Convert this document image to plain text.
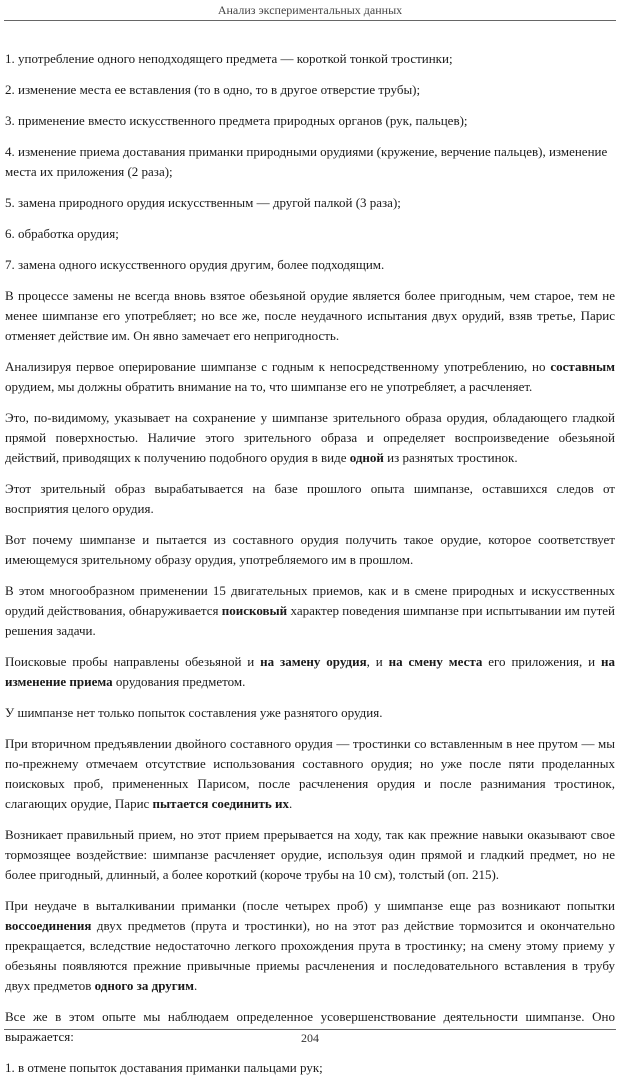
Анализ экспериментальных данных

1. употребление одного неподходящего предмета — короткой тонкой тростинки;

2. изменение места ее вставления (то в одно, то в другое отверстие трубы);

3. применение вместо искусственного предмета природных органов (рук, пальцев);

4. изменение приема доставания приманки природными орудиями (кружение, верчение пальцев), изменение места их приложения (2 раза);

5. замена природного орудия искусственным — другой палкой (3 раза);

6. обработка орудия;

7. замена одного искусственного орудия другим, более подходящим.

В процессе замены не всегда вновь взятое обезьяной орудие является более пригодным, чем старое, тем не менее шимпанзе его употребляет; но все же, после неудачного испытания двух орудий, взяв третье, Парис отменяет действие им. Он явно замечает его непригодность.

Анализируя первое оперирование шимпанзе с годным к непосредственному употреблению, но составным орудием, мы должны обратить внимание на то, что шимпанзе его не употребляет, а расчленяет.

Это, по-видимому, указывает на сохранение у шимпанзе зрительного образа орудия, обладающего гладкой прямой поверхностью. Наличие этого зрительного образа и определяет воспроизведение обезьяной действий, приводящих к получению подобного орудия в виде одной из разнятых тростинок.

Этот зрительный образ вырабатывается на базе прошлого опыта шимпанзе, оставшихся следов от восприятия целого орудия.

Вот почему шимпанзе и пытается из составного орудия получить такое орудие, которое соответствует имеющемуся зрительному образу орудия, употребляемого им в прошлом.

В этом многообразном применении 15 двигательных приемов, как и в смене природных и искусственных орудий действования, обнаруживается поисковый характер поведения шимпанзе при испытывании им путей решения задачи.

Поисковые пробы направлены обезьяной и на замену орудия, и на смену места его приложения, и на изменение приема орудования предметом.

У шимпанзе нет только попыток составления уже разнятого орудия.

При вторичном предъявлении двойного составного орудия — тростинки со вставленным в нее прутом — мы по-прежнему отмечаем отсутствие использования составного орудия; но уже после пяти проделанных поисковых проб, примененных Парисом, после расчленения орудия и после разнимания тростинок, слагающих орудие, Парис пытается соединить их.

Возникает правильный прием, но этот прием прерывается на ходу, так как прежние навыки оказывают свое тормозящее воздействие: шимпанзе расчленяет орудие, используя один прямой и гладкий предмет, но не более пригодный, длинный, а более короткий (короче трубы на 10 см), толстый (оп. 215).

При неудаче в выталкивании приманки (после четырех проб) у шимпанзе еще раз возникают попытки воссоединения двух предметов (прута и тростинки), но на этот раз действие тормозится и окончательно прекращается, вследствие недостаточно легкого прохождения прута в тростинку; на смену этому приему у обезьяны появляются прежние привычные приемы расчленения и последовательного вставления в трубу двух предметов одного за другим.

Все же в этом опыте мы наблюдаем определенное усовершенствование деятельности шимпанзе. Оно выражается:

1. в отмене попыток доставания приманки пальцами рук;

204
